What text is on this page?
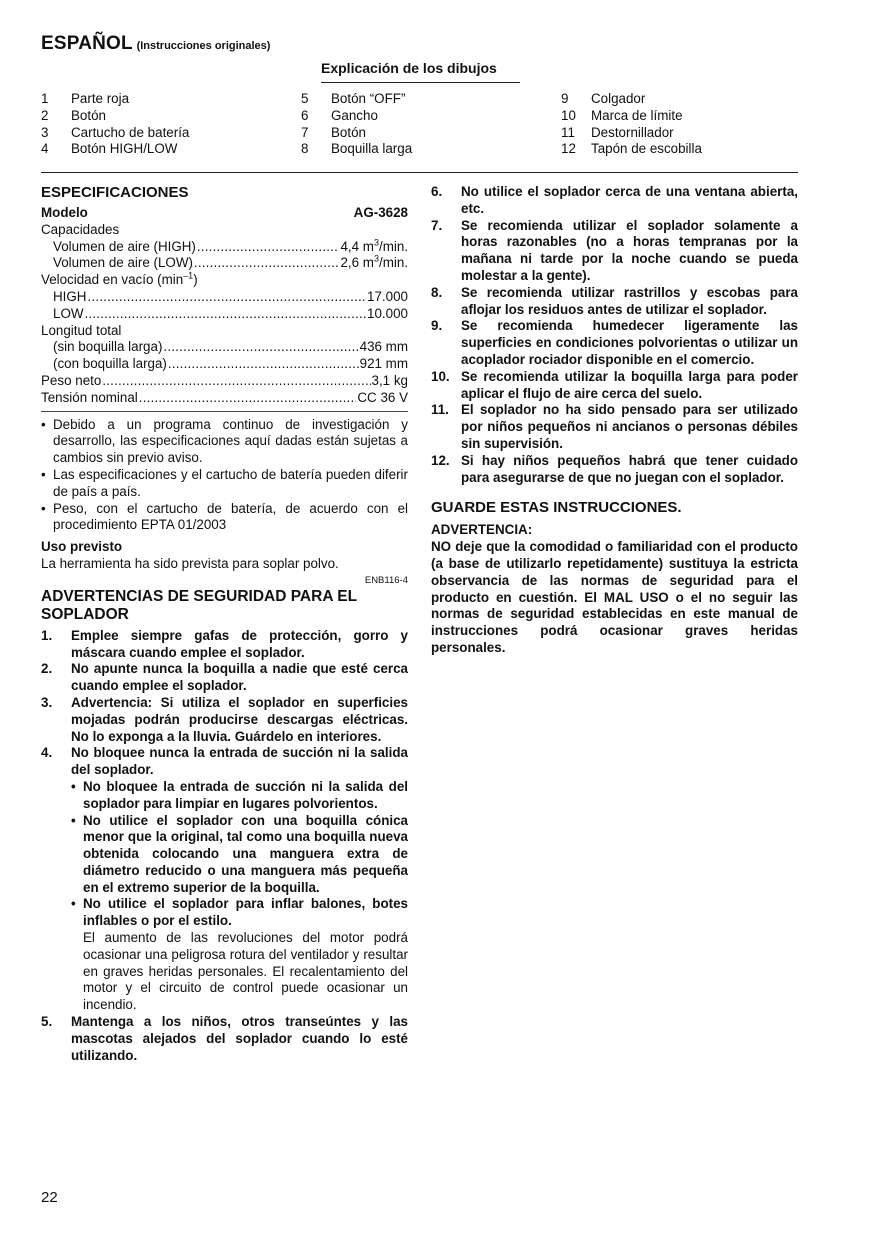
ESPAÑOL (Instrucciones originales)
Explicación de los dibujos
1	Parte roja
2	Botón
3	Cartucho de batería
4	Botón HIGH/LOW
5	Botón “OFF”
6	Gancho
7	Botón
8	Boquilla larga
9	Colgador
10	Marca de límite
11	Destornillador
12	Tapón de escobilla
ESPECIFICACIONES
Modelo	AG-3628
Capacidades
Volumen de aire (HIGH) .....	4,4 $m^3/\min$.
Volumen de aire (LOW) .....	2,6 $m^3/\min$.
Velocidad en vacío $(\min^{-1})$
HIGH .....	17.000
LOW .....	10.000
Longitud total
(sin boquilla larga) .....	436 mm
(con boquilla larga) .....	921 mm
Peso neto .....	3,1 kg
Tensión nominal .....	CC 36 V
• Debido a un programa continuo de investigación y desarrollo, las especificaciones aquí dadas están sujetas a cambios sin previo aviso.
• Las especificaciones y el cartucho de batería pueden diferir de país a país.
• Peso, con el cartucho de batería, de acuerdo con el procedimiento EPTA 01/2003
Uso previsto
La herramienta ha sido prevista para soplar polvo.
ENB116-4
ADVERTENCIAS DE SEGURIDAD PARA EL SOPLADOR
1.	Emplee siempre gafas de protección, gorro y máscara cuando emplee el soplador.
2.	No apunte nunca la boquilla a nadie que esté cerca cuando emplee el soplador.
3.	Advertencia: Si utiliza el soplador en superficies mojadas podrán producirse descargas eléctricas. No lo exponga a la lluvia. Guárdelo en interiores.
4.	No bloquee nunca la entrada de succión ni la salida del soplador.
• No bloquee la entrada de succión ni la salida del soplador para limpiar en lugares polvorientos.
• No utilice el soplador con una boquilla cónica menor que la original, tal como una boquilla nueva obtenida colocando una manguera extra de diámetro reducido o una manguera más pequeña en el extremo superior de la boquilla.
• No utilice el soplador para inflar balones, botes inflables o por el estilo.
El aumento de las revoluciones del motor podrá ocasionar una peligrosa rotura del ventilador y resultar en graves heridas personales. El recalentamiento del motor y el circuito de control puede ocasionar un incendio.
5.	Mantenga a los niños, otros transeúntes y las mascotas alejados del soplador cuando lo esté utilizando.
6.	No utilice el soplador cerca de una ventana abierta, etc.
7.	Se recomienda utilizar el soplador solamente a horas razonables (no a horas tempranas por la mañana ni tarde por la noche cuando se pueda molestar a la gente).
8.	Se recomienda utilizar rastrillos y escobas para aflojar los residuos antes de utilizar el soplador.
9.	Se recomienda humedecer ligeramente las superficies en condiciones polvorientas o utilizar un acoplador rociador disponible en el comercio.
10. Se recomienda utilizar la boquilla larga para poder aplicar el flujo de aire cerca del suelo.
11. El soplador no ha sido pensado para ser utilizado por niños pequeños ni ancianos o personas débiles sin supervisión.
12. Si hay niños pequeños habrá que tener cuidado para asegurarse de que no juegan con el soplador.
GUARDE ESTAS INSTRUCCIONES.
ADVERTENCIA:
NO deje que la comodidad o familiaridad con el producto (a base de utilizarlo repetidamente) sustituya la estricta observancia de las normas de seguridad para el producto en cuestión. El MAL USO o el no seguir las normas de seguridad establecidas en este manual de instrucciones podrá ocasionar graves heridas personales.
22
